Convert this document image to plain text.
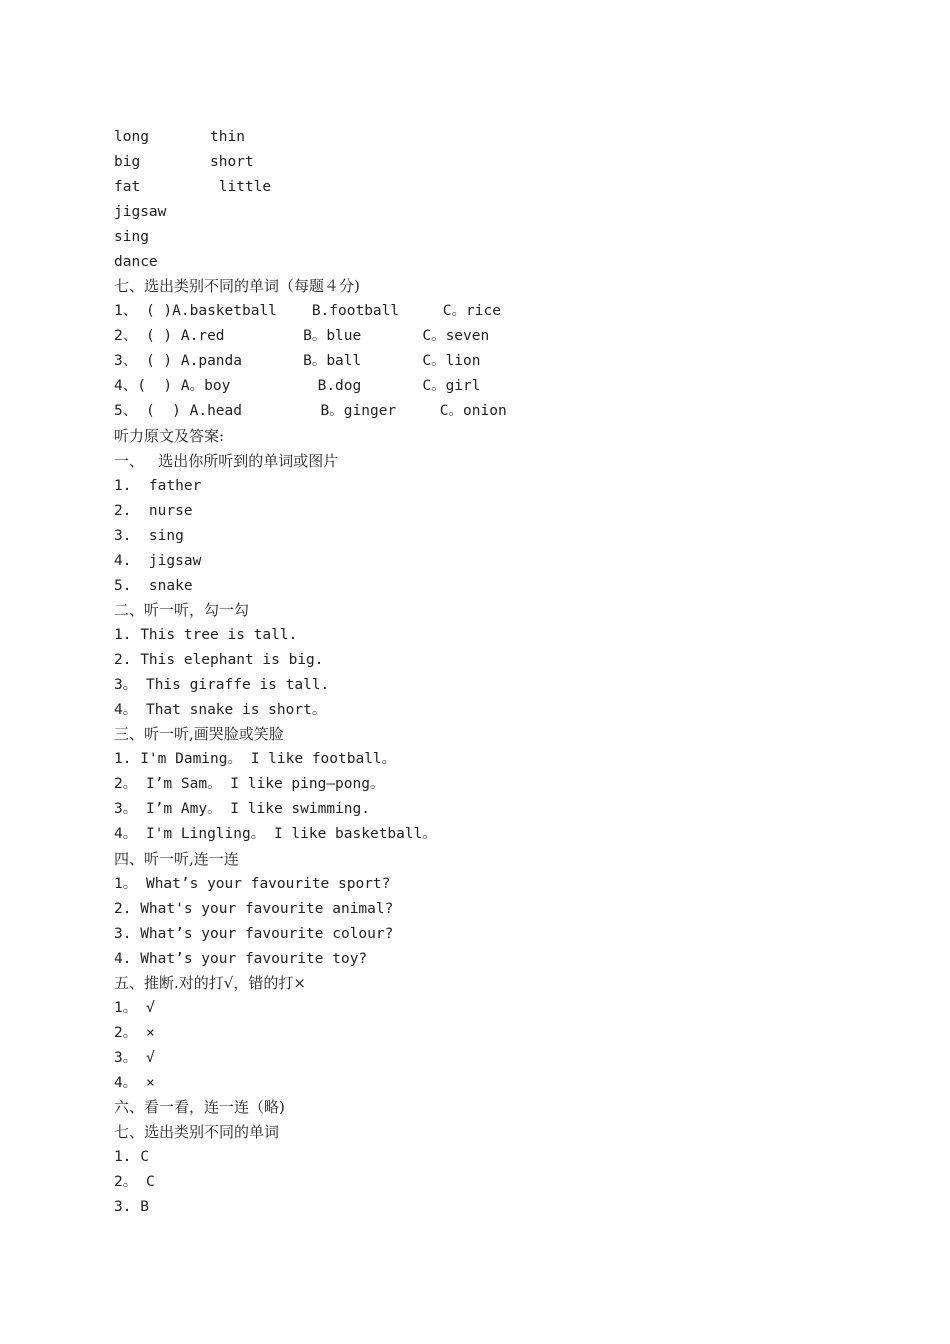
long       thin
big        short
fat         little
jigsaw
sing
dance
七、选出类别不同的单词（每题４分)
1、 ( )A.basketball    B.football     C。rice
2、 ( ) A.red         B。blue       C。seven
3、 ( ) A.panda       B。ball       C。lion
4、(  ) A。boy          B.dog       C。girl
5、 (  ) A.head         B。ginger     C。onion
听力原文及答案:
一、   选出你所听到的单词或图片
1.  father
2.  nurse
3.  sing
4.  jigsaw
5.  snake
二、听一听，勾一勾
1. This tree is tall.
2. This elephant is big.
3。 This giraffe is tall.
4。 That snake is short。
三、听一听,画哭脸或笑脸
1. I'm Daming。 I like football。
2。 I’m Sam。 I like ping—pong。
3。 I’m Amy。 I like swimming.
4。 I'm Lingling。 I like basketball。
四、听一听,连一连
1。 What’s your favourite sport?
2. What's your favourite animal?
3. What’s your favourite colour?
4. What’s your favourite toy?
五、推断.对的打√，错的打×
1。 √
2。 ×
3。 √
4。 ×
六、看一看，连一连（略)
七、选出类别不同的单词
1. C
2。 C
3. B
